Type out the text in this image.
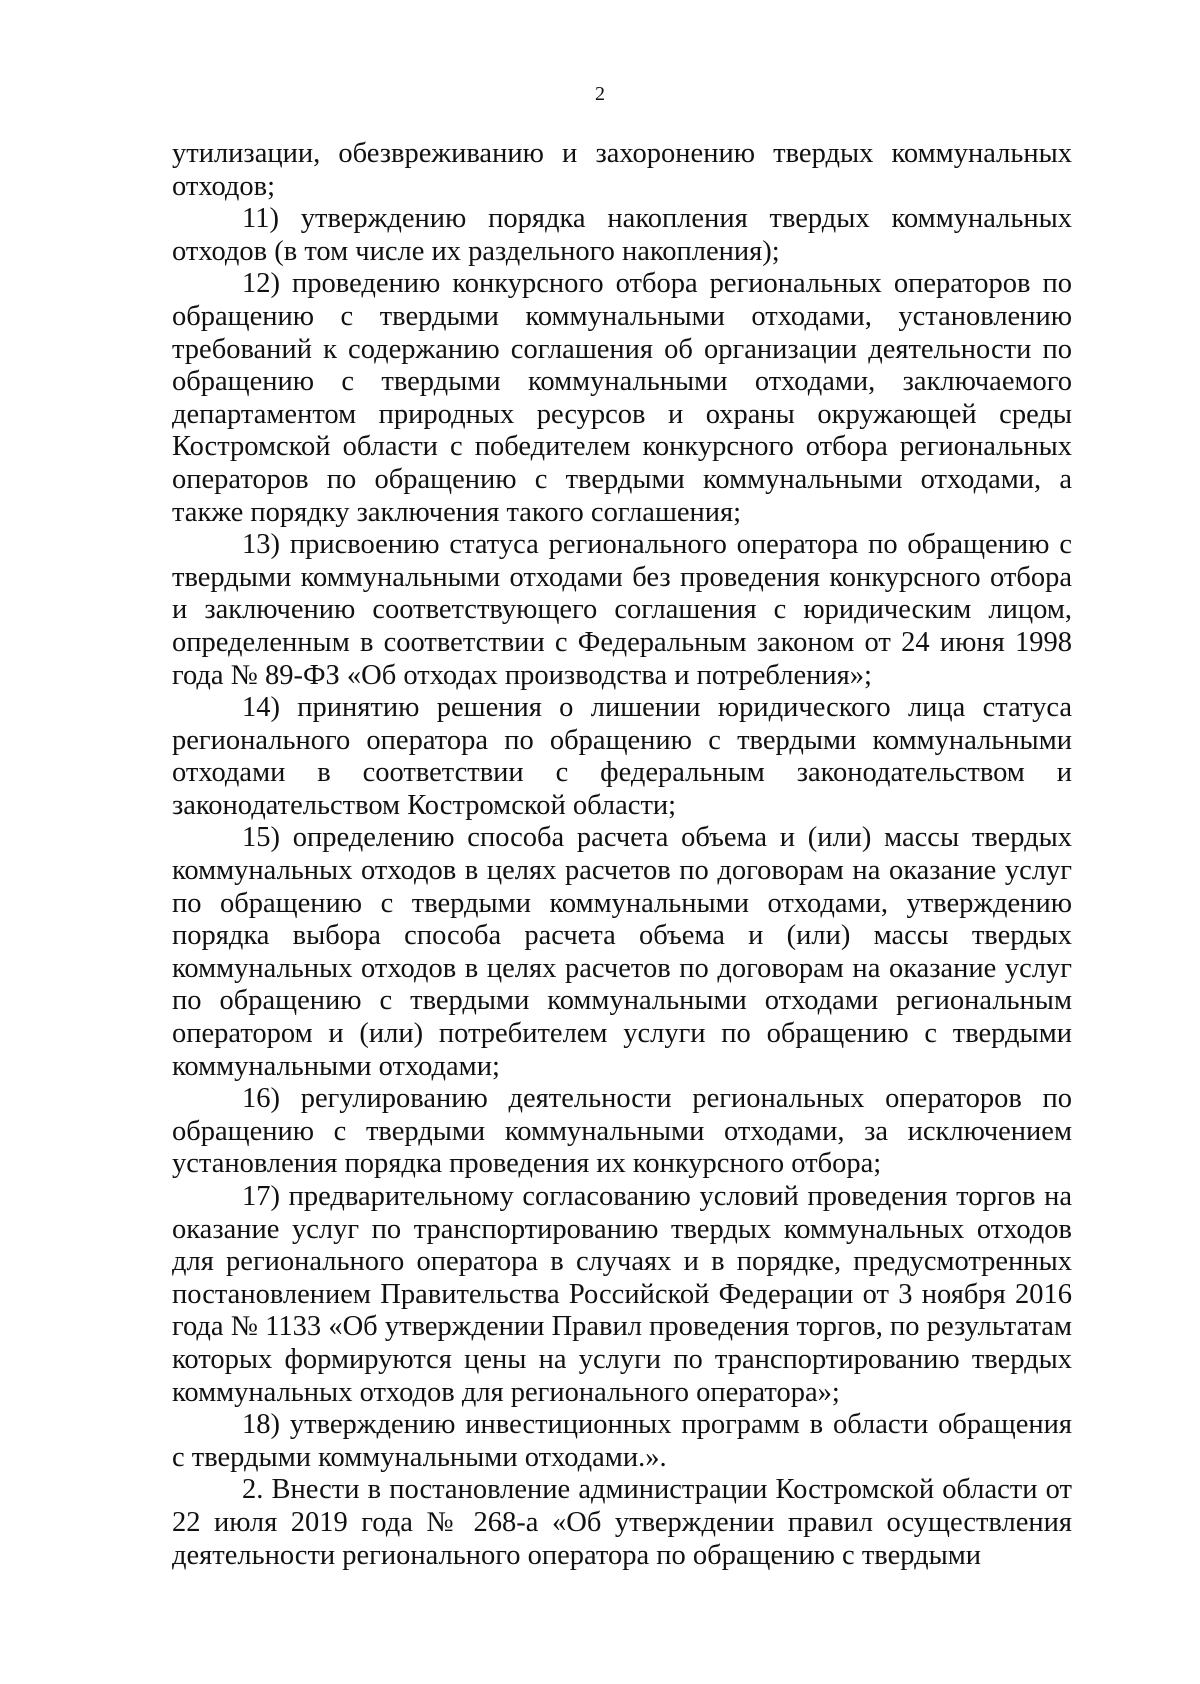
2

утилизации, обезвреживанию и захоронению твердых коммунальных отходов;

11) утверждению порядка накопления твердых коммунальных отходов (в том числе их раздельного накопления);

12) проведению конкурсного отбора региональных операторов по обращению с твердыми коммунальными отходами, установлению требований к содержанию соглашения об организации деятельности по обращению с твердыми коммунальными отходами, заключаемого департаментом природных ресурсов и охраны окружающей среды Костромской области с победителем конкурсного отбора региональных операторов по обращению с твердыми коммунальными отходами, а также порядку заключения такого соглашения;

13) присвоению статуса регионального оператора по обращению с твердыми коммунальными отходами без проведения конкурсного отбора и заключению соответствующего соглашения с юридическим лицом, определенным в соответствии с Федеральным законом от 24 июня 1998 года № 89-ФЗ «Об отходах производства и потребления»;

14) принятию решения о лишении юридического лица статуса регионального оператора по обращению с твердыми коммунальными отходами в соответствии с федеральным законодательством и законодательством Костромской области;

15) определению способа расчета объема и (или) массы твердых коммунальных отходов в целях расчетов по договорам на оказание услуг по обращению с твердыми коммунальными отходами, утверждению порядка выбора способа расчета объема и (или) массы твердых коммунальных отходов в целях расчетов по договорам на оказание услуг по обращению с твердыми коммунальными отходами региональным оператором и (или) потребителем услуги по обращению с твердыми коммунальными отходами;

16) регулированию деятельности региональных операторов по обращению с твердыми коммунальными отходами, за исключением установления порядка проведения их конкурсного отбора;

17) предварительному согласованию условий проведения торгов на оказание услуг по транспортированию твердых коммунальных отходов для регионального оператора в случаях и в порядке, предусмотренных постановлением Правительства Российской Федерации от 3 ноября 2016 года № 1133 «Об утверждении Правил проведения торгов, по результатам которых формируются цены на услуги по транспортированию твердых коммунальных отходов для регионального оператора»;

18) утверждению инвестиционных программ в области обращения с твердыми коммунальными отходами.».

2. Внести в постановление администрации Костромской области от 22 июля 2019 года № 268-а «Об утверждении правил осуществления деятельности регионального оператора по обращению с твердыми
